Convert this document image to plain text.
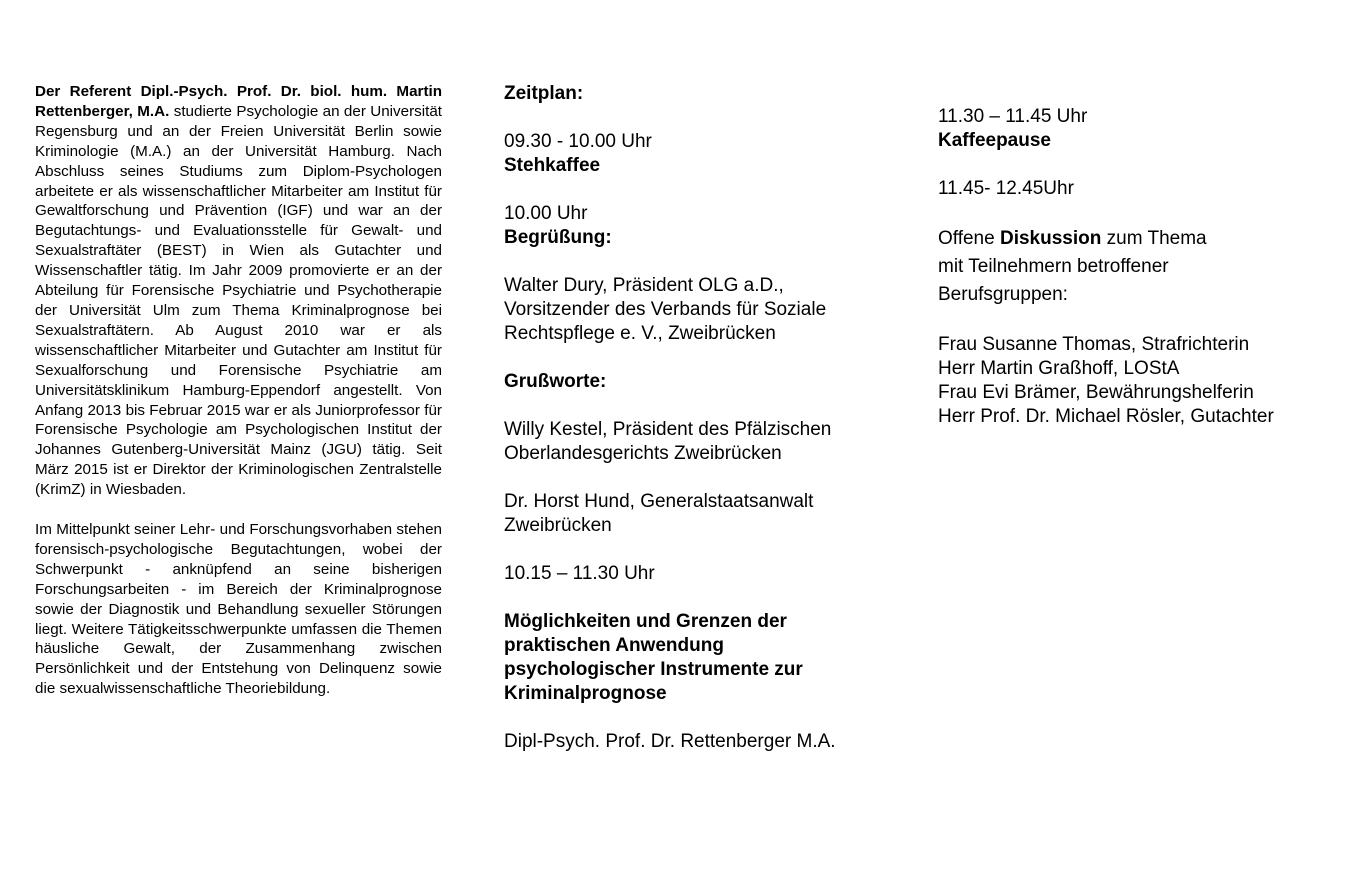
Der Referent Dipl.-Psych. Prof. Dr. biol. hum. Martin Rettenberger, M.A. studierte Psychologie an der Universität Regensburg und an der Freien Universität Berlin sowie Kriminologie (M.A.) an der Universität Hamburg. Nach Abschluss seines Studiums zum Diplom-Psychologen arbeitete er als wissenschaftlicher Mitarbeiter am Institut für Gewaltforschung und Prävention (IGF) und war an der Begutachtungs- und Evaluationsstelle für Gewalt- und Sexualstraftäter (BEST) in Wien als Gutachter und Wissenschaftler tätig. Im Jahr 2009 promovierte er an der Abteilung für Forensische Psychiatrie und Psychotherapie der Universität Ulm zum Thema Kriminalprognose bei Sexualstraftätern. Ab August 2010 war er als wissenschaftlicher Mitarbeiter und Gutachter am Institut für Sexualforschung und Forensische Psychiatrie am Universitätsklinikum Hamburg-Eppendorf angestellt. Von Anfang 2013 bis Februar 2015 war er als Juniorprofessor für Forensische Psychologie am Psychologischen Institut der Johannes Gutenberg-Universität Mainz (JGU) tätig. Seit März 2015 ist er Direktor der Kriminologischen Zentralstelle (KrimZ) in Wiesbaden.

Im Mittelpunkt seiner Lehr- und Forschungsvorhaben stehen forensisch-psychologische Begutachtungen, wobei der Schwerpunkt - anknüpfend an seine bisherigen Forschungsarbeiten - im Bereich der Kriminalprognose sowie der Diagnostik und Behandlung sexueller Störungen liegt. Weitere Tätigkeitsschwerpunkte umfassen die Themen häusliche Gewalt, der Zusammenhang zwischen Persönlichkeit und der Entstehung von Delinquenz sowie die sexualwissenschaftliche Theoriebildung.

Zeitplan:
09.30 - 10.00 Uhr
Stehkaffee
10.00 Uhr
Begrüßung:
Walter Dury, Präsident OLG a.D.,
Vorsitzender des Verbands für Soziale
Rechtspflege e. V., Zweibrücken
Grußworte:
Willy Kestel, Präsident des Pfälzischen
Oberlandesgerichts Zweibrücken
Dr. Horst Hund, Generalstaatsanwalt
Zweibrücken
10.15 – 11.30 Uhr
Möglichkeiten und Grenzen der
praktischen Anwendung
psychologischer Instrumente zur
Kriminalprognose
Dipl-Psych. Prof. Dr. Rettenberger M.A.
11.30 – 11.45 Uhr
Kaffeepause
11.45- 12.45Uhr
Offene Diskussion zum Thema
mit Teilnehmern betroffener
Berufsgruppen:
Frau Susanne Thomas, Strafrichterin
Herr Martin Graßhoff, LOStA
Frau Evi Brämer, Bewährungshelferin
Herr Prof. Dr. Michael Rösler, Gutachter
